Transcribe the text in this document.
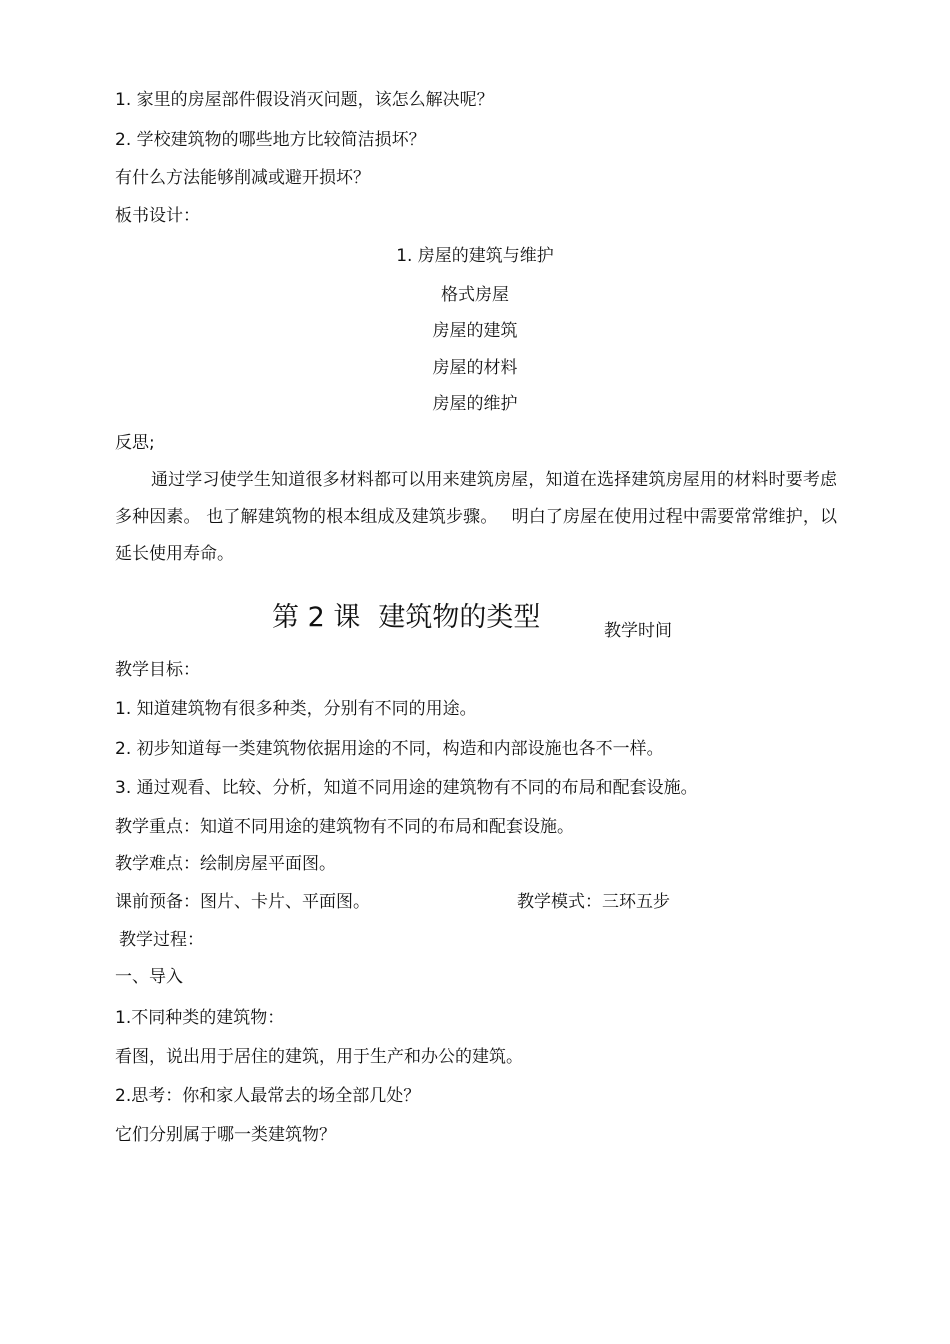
1. 家里的房屋部件假设消灭问题，该怎么解决呢？
2. 学校建筑物的哪些地方比较简洁损坏？
有什么方法能够削减或避开损坏？
板书设计：
1. 房屋的建筑与维护
格式房屋
房屋的建筑
房屋的材料
房屋的维护
反思;
通过学习使学生知道很多材料都可以用来建筑房屋，知道在选择建筑房屋用的材料时要考虑多种因素。 也了解建筑物的根本组成及建筑步骤。　 明白了房屋在使用过程中需要常常维护，以延长使用寿命。
第 2 课 建筑物的类型	教学时间
教学目标：
1. 知道建筑物有很多种类，分别有不同的用途。
2. 初步知道每一类建筑物依据用途的不同，构造和内部设施也各不一样。
3. 通过观看、比较、分析，知道不同用途的建筑物有不同的布局和配套设施。
教学重点：知道不同用途的建筑物有不同的布局和配套设施。
教学难点：绘制房屋平面图。
课前预备：图片、卡片、平面图。	教学模式：三环五步
教学过程：
一、导入
1.不同种类的建筑物：
看图，说出用于居住的建筑，用于生产和办公的建筑。
2.思考：你和家人最常去的场全部几处？
它们分别属于哪一类建筑物？
